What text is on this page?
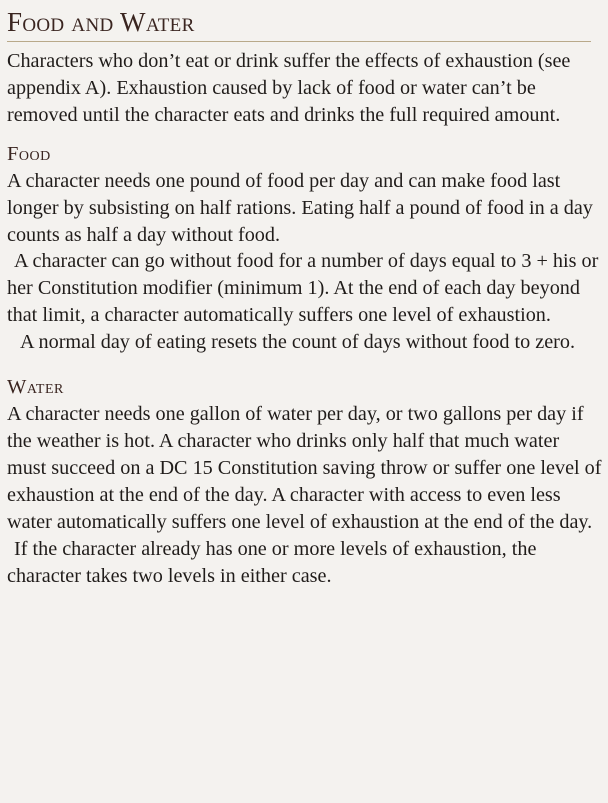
Food and Water

Characters who don’t eat or drink suffer the effects of exhaustion (see appendix A). Exhaustion caused by lack of food or water can’t be removed until the character eats and drinks the full required amount.

Food

A character needs one pound of food per day and can make food last longer by subsisting on half rations. Eating half a pound of food in a day counts as half a day without food.

A character can go without food for a number of days equal to 3 + his or her Constitution modifier (minimum 1). At the end of each day beyond that limit, a character automatically suffers one level of exhaustion.

A normal day of eating resets the count of days without food to zero.

Water

A character needs one gallon of water per day, or two gallons per day if the weather is hot. A character who drinks only half that much water must succeed on a DC 15 Constitution saving throw or suffer one level of exhaustion at the end of the day. A character with access to even less water automatically suffers one level of exhaustion at the end of the day.

If the character already has one or more levels of exhaustion, the character takes two levels in either case.
